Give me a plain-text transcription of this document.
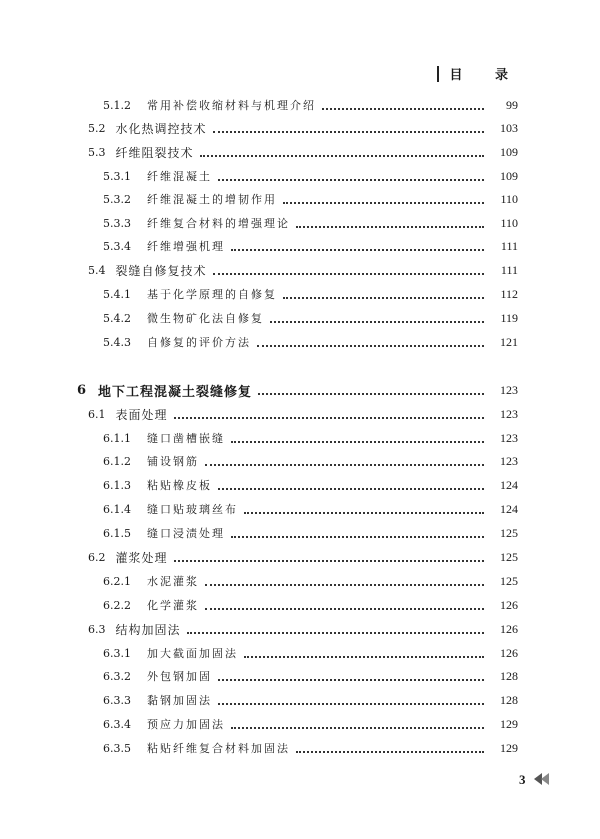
目 录
5.1.2 常用补偿收缩材料与机理介绍	99
5.2 水化热调控技术	103
5.3 纤维阻裂技术	109
5.3.1 纤维混凝土	109
5.3.2 纤维混凝土的增韧作用	110
5.3.3 纤维复合材料的增强理论	110
5.3.4 纤维增强机理	111
5.4 裂缝自修复技术	111
5.4.1 基于化学原理的自修复	112
5.4.2 微生物矿化法自修复	119
5.4.3 自修复的评价方法	121
6 地下工程混凝土裂缝修复	123
6.1 表面处理	123
6.1.1 缝口凿槽嵌缝	123
6.1.2 铺设钢筋	123
6.1.3 粘贴橡皮板	124
6.1.4 缝口贴玻璃丝布	124
6.1.5 缝口浸渍处理	125
6.2 灌浆处理	125
6.2.1 水泥灌浆	125
6.2.2 化学灌浆	126
6.3 结构加固法	126
6.3.1 加大截面加固法	126
6.3.2 外包钢加固	128
6.3.3 黏钢加固法	128
6.3.4 预应力加固法	129
6.3.5 粘贴纤维复合材料加固法	129
3
